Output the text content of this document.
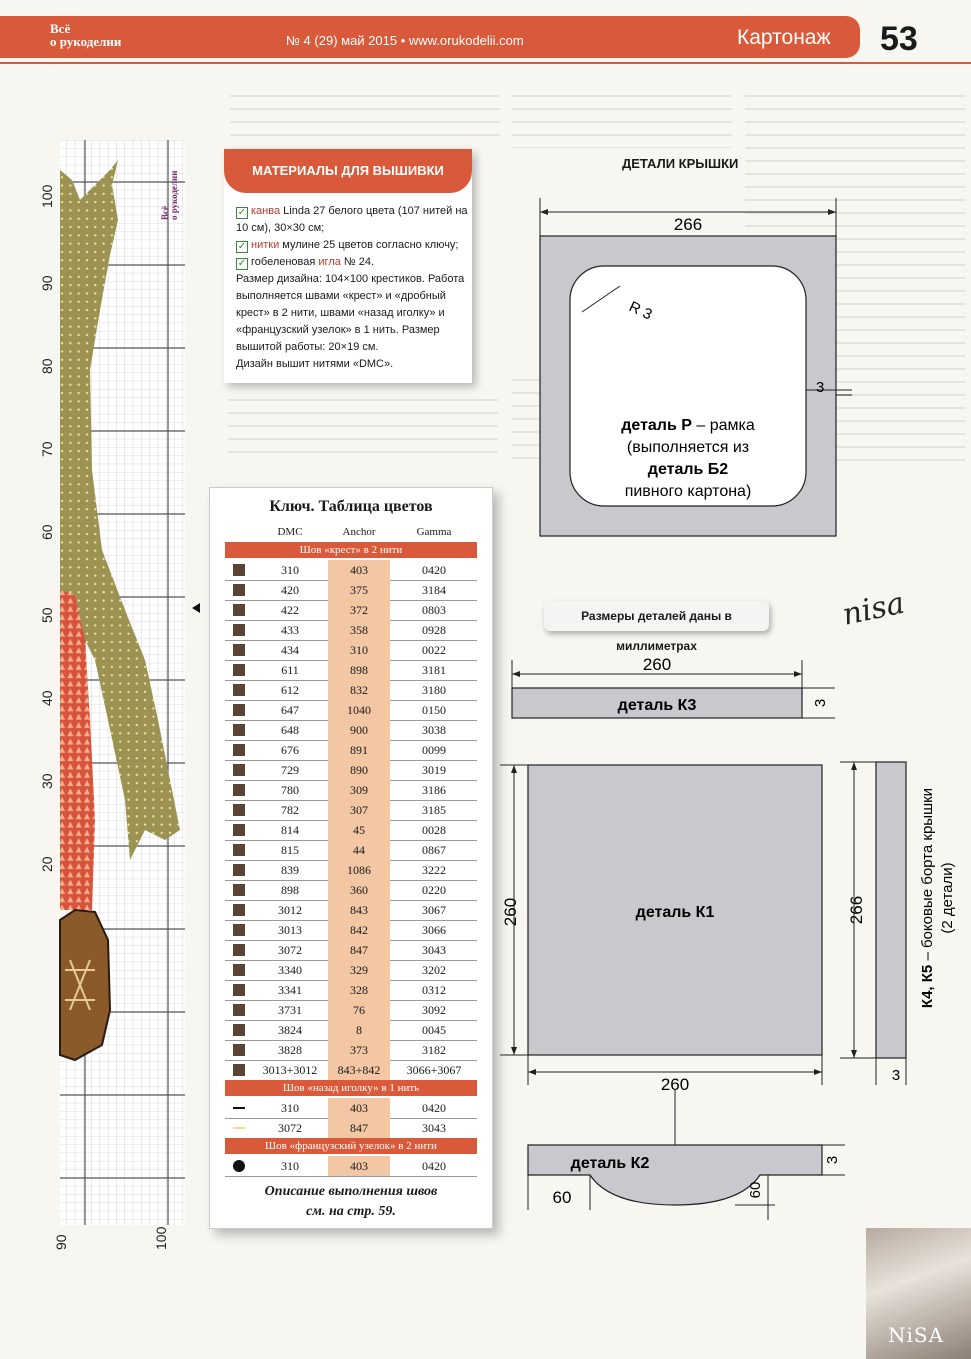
Всё
о рукоделии	№ 4 (29) май 2015 • www.orukodelii.com	Картонаж 53
100
90
80
70
60
50
40
30
20
90	100
Всё о рукоделии
МАТЕРИАЛЫ ДЛЯ ВЫШИВКИ
✓ канва Linda 27 белого цвета (107 нитей на 10 см), 30×30 см;
✓ нитки мулине 25 цветов согласно ключу;
✓ гобеленовая игла № 24.
Размер дизайна: 104×100 крестиков. Работа выполняется швами «крест» и «дробный крест» в 2 нити, швами «назад иголку» и «французский узелок» в 1 нить. Размер вышитой работы: 20×19 см.
Дизайн вышит нитями «DMC».
Ключ. Таблица цветов
DMC	Anchor	Gamma
Шов «крест» в 2 нити
310	403	0420
420	375	3184
422	372	0803
433	358	0928
434	310	0022
611	898	3181
612	832	3180
647	1040	0150
648	900	3038
676	891	0099
729	890	3019
780	309	3186
782	307	3185
814	45	0028
815	44	0867
839	1086	3222
898	360	0220
3012	843	3067
3013	842	3066
3072	847	3043
3340	329	3202
3341	328	0312
3731	76	3092
3824	8	0045
3828	373	3182
3013+3012	843+842	3066+3067
Шов «назад иголку» в 1 нить
310	403	0420
3072	847	3043
Шов «французский узелок» в 2 нити
310	403	0420
Описание выполнения швов
см. на стр. 59.
ДЕТАЛИ КРЫШКИ
266
R 3
3
деталь Р – рамка
(выполняется из
деталь Б2
пивного картона)
nisa
260
деталь К3	3
260	деталь К1
260
266
К4, К5 – боковые борта крышки (2 детали)
3
деталь К2	3
60	60
Размеры деталей даны в миллиметрах
NiSA
